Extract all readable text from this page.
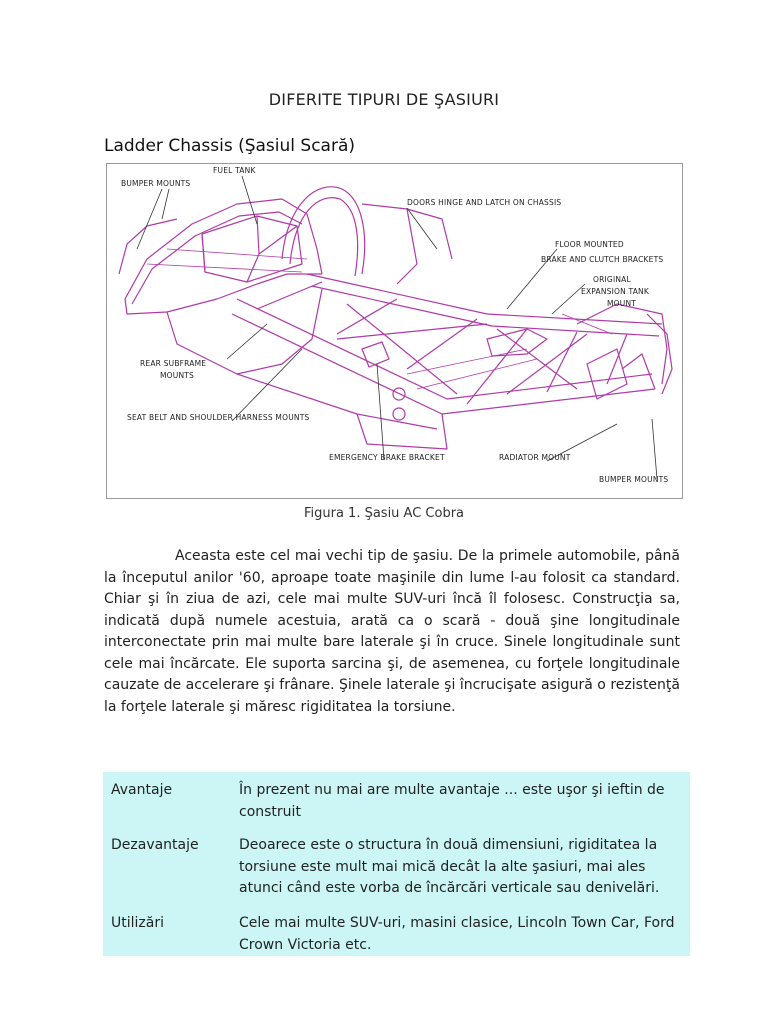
DIFERITE TIPURI DE ŞASIURI
Ladder Chassis (Şasiul Scară)
BUMPER MOUNTS
FUEL TANK
DOORS HINGE AND LATCH ON CHASSIS
FLOOR MOUNTED
BRAKE AND CLUTCH BRACKETS
ORIGINAL
EXPANSION TANK
MOUNT
REAR SUBFRAME
MOUNTS
SEAT BELT AND SHOULDER HARNESS MOUNTS
EMERGENCY BRAKE BRACKET	RADIATOR MOUNT
BUMPER MOUNTS
Figura 1. Şasiu AC Cobra
Aceasta este cel mai vechi tip de şasiu. De la primele automobile, până la începutul anilor '60, aproape toate maşinile din lume l-au folosit ca standard. Chiar şi în ziua de azi, cele mai multe SUV-uri încă îl folosesc. Construcţia sa, indicată după numele acestuia, arată ca o scară - două şine longitudinale interconectate prin mai multe bare laterale şi în cruce. Sinele longitudinale sunt cele mai încărcate. Ele suporta sarcina şi, de asemenea, cu forţele longitudinale cauzate de accelerare şi frânare. Şinele laterale şi încrucişate asigură o rezistenţă la forţele laterale şi măresc rigiditatea la torsiune.
Avantaje	În prezent nu mai are multe avantaje ... este uşor şi ieftin de construit
Dezavantaje	Deoarece este o structura în două dimensiuni, rigiditatea la torsiune este mult mai mică decât la alte şasiuri, mai ales atunci când este vorba de încărcări verticale sau denivelări.
Utilizări	Cele mai multe SUV-uri, masini clasice, Lincoln Town Car, Ford Crown Victoria etc.
